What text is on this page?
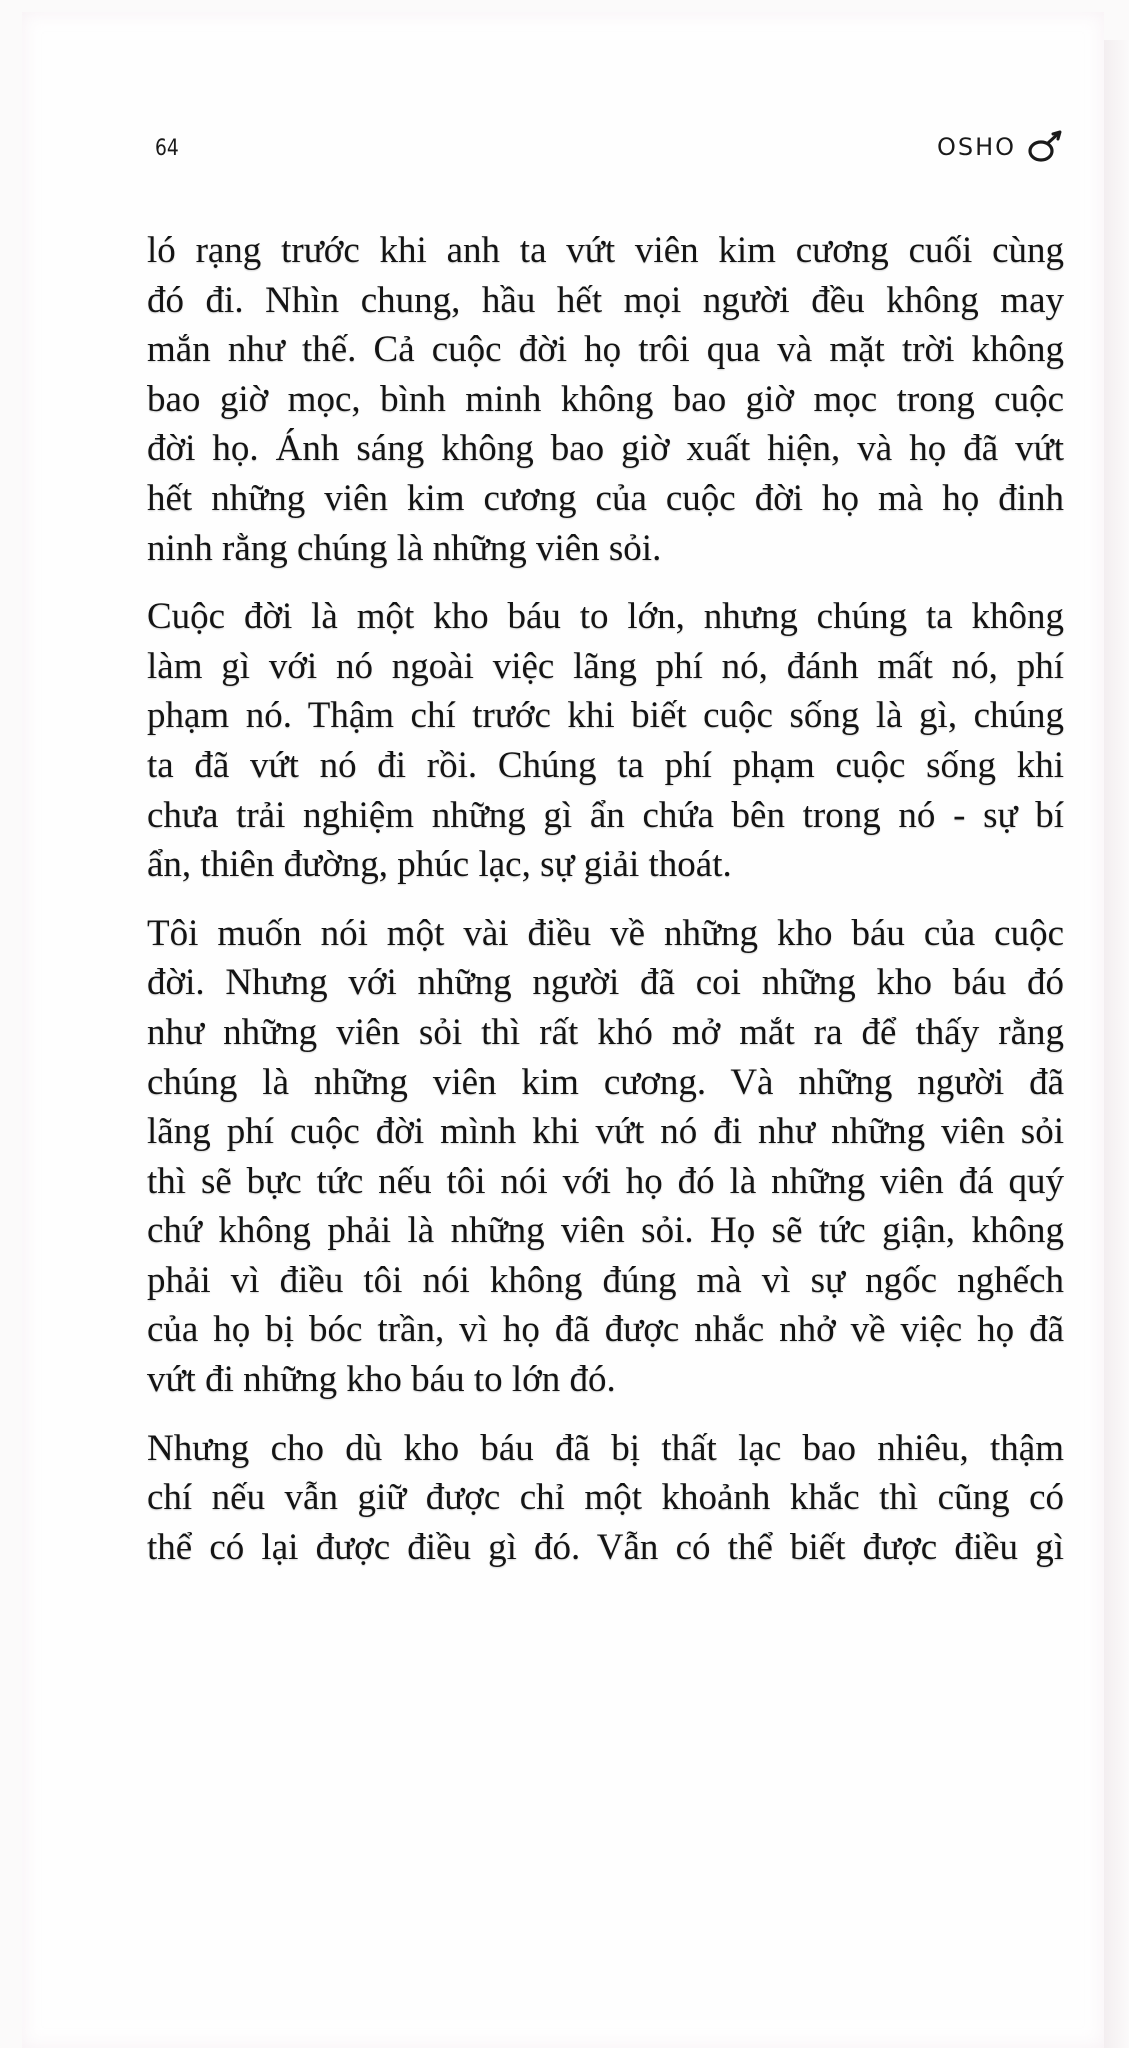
64	OSHO
ló rạng trước khi anh ta vứt viên kim cương cuối cùng
đó đi. Nhìn chung, hầu hết mọi người đều không may
mắn như thế. Cả cuộc đời họ trôi qua và mặt trời không
bao giờ mọc, bình minh không bao giờ mọc trong cuộc
đời họ. Ánh sáng không bao giờ xuất hiện, và họ đã vứt
hết những viên kim cương của cuộc đời họ mà họ đinh
ninh rằng chúng là những viên sỏi.
Cuộc đời là một kho báu to lớn, nhưng chúng ta không
làm gì với nó ngoài việc lãng phí nó, đánh mất nó, phí
phạm nó. Thậm chí trước khi biết cuộc sống là gì, chúng
ta đã vứt nó đi rồi. Chúng ta phí phạm cuộc sống khi
chưa trải nghiệm những gì ẩn chứa bên trong nó - sự bí
ẩn, thiên đường, phúc lạc, sự giải thoát.
Tôi muốn nói một vài điều về những kho báu của cuộc
đời. Nhưng với những người đã coi những kho báu đó
như những viên sỏi thì rất khó mở mắt ra để thấy rằng
chúng là những viên kim cương. Và những người đã
lãng phí cuộc đời mình khi vứt nó đi như những viên sỏi
thì sẽ bực tức nếu tôi nói với họ đó là những viên đá quý
chứ không phải là những viên sỏi. Họ sẽ tức giận, không
phải vì điều tôi nói không đúng mà vì sự ngốc nghếch
của họ bị bóc trần, vì họ đã được nhắc nhở về việc họ đã
vứt đi những kho báu to lớn đó.
Nhưng cho dù kho báu đã bị thất lạc bao nhiêu, thậm
chí nếu vẫn giữ được chỉ một khoảnh khắc thì cũng có
thể có lại được điều gì đó. Vẫn có thể biết được điều gì
